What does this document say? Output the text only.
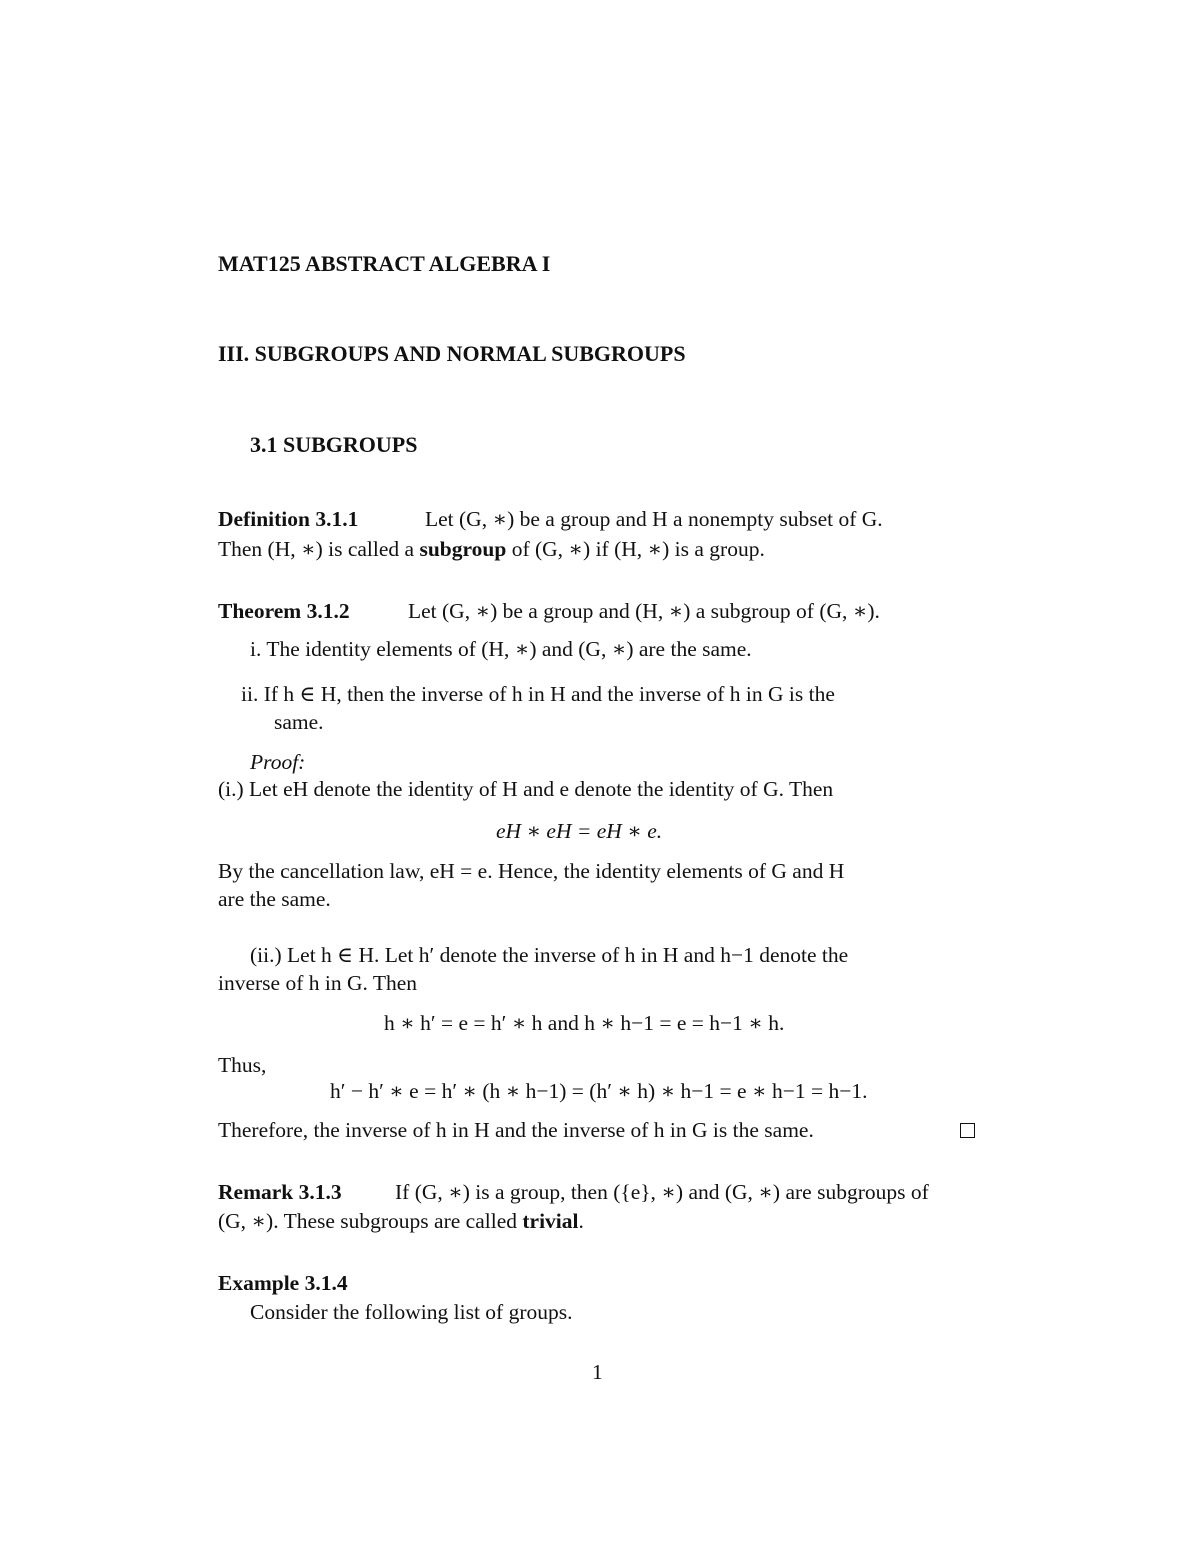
MAT125 ABSTRACT ALGEBRA I
III. SUBGROUPS AND NORMAL SUBGROUPS
3.1 SUBGROUPS
Definition 3.1.1	Let (G, ∗) be a group and H a nonempty subset of G.
Then (H, ∗) is called a subgroup of (G, ∗) if (H, ∗) is a group.
Theorem 3.1.2	Let (G, ∗) be a group and (H, ∗) a subgroup of (G, ∗).
i. The identity elements of (H, ∗) and (G, ∗) are the same.
ii. If h ∈ H, then the inverse of h in H and the inverse of h in G is the
same.
Proof:
(i.) Let eH denote the identity of H and e denote the identity of G. Then
eH ∗ eH = eH ∗ e.
By the cancellation law, eH = e. Hence, the identity elements of G and H
are the same.
(ii.) Let h ∈ H. Let h′ denote the inverse of h in H and h−1 denote the
inverse of h in G. Then
h ∗ h′ = e = h′ ∗ h and h ∗ h−1 = e = h−1 ∗ h.
Thus,
h′ − h′ ∗ e = h′ ∗ (h ∗ h−1) = (h′ ∗ h) ∗ h−1 = e ∗ h−1 = h−1.
Therefore, the inverse of h in H and the inverse of h in G is the same.
Remark 3.1.3 If (G, ∗) is a group, then ({e}, ∗) and (G, ∗) are subgroups of
(G, ∗). These subgroups are called trivial.
Example 3.1.4
Consider the following list of groups.
1
